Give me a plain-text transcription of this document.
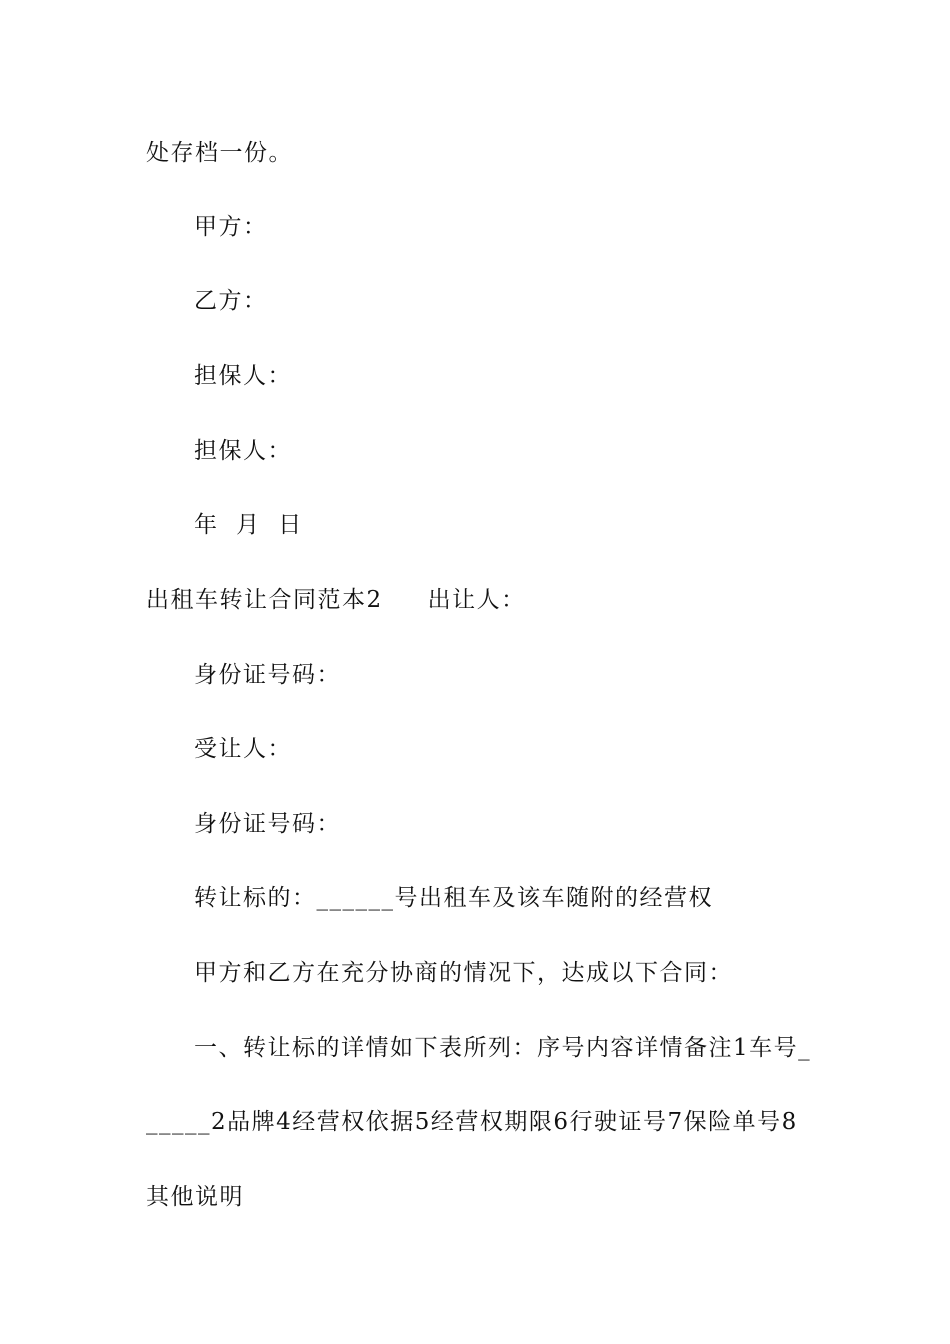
处存档一份。
甲方：
乙方：
担保人：
担保人：
年  月  日
出租车转让合同范本2 出让人：
身份证号码：
受让人：
身份证号码：
转让标的：______号出租车及该车随附的经营权
甲方和乙方在充分协商的情况下，达成以下合同：
一、转让标的详情如下表所列：序号内容详情备注1车号_
_____2品牌4经营权依据5经营权期限6行驶证号7保险单号8
其他说明
